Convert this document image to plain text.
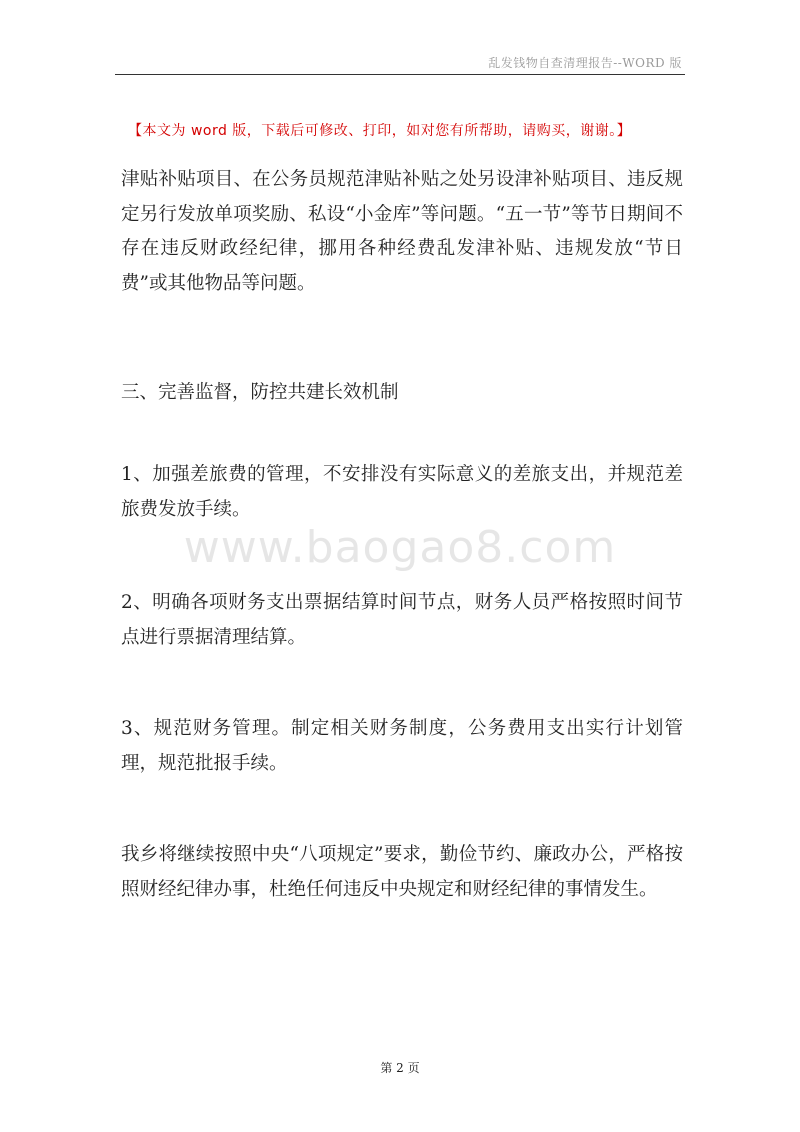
乱发钱物自查清理报告--WORD 版
【本文为 word 版，下载后可修改、打印，如对您有所帮助，请购买，谢谢。】

津贴补贴项目、在公务员规范津贴补贴之处另设津补贴项目、违反规定另行发放单项奖励、私设“小金库”等问题。“五一节”等节日期间不存在违反财政经纪律，挪用各种经费乱发津补贴、违规发放“节日费”或其他物品等问题。

三、完善监督，防控共建长效机制

1、加强差旅费的管理，不安排没有实际意义的差旅支出，并规范差旅费发放手续。

2、明确各项财务支出票据结算时间节点，财务人员严格按照时间节点进行票据清理结算。

3、规范财务管理。制定相关财务制度，公务费用支出实行计划管理，规范批报手续。

我乡将继续按照中央“八项规定”要求，勤俭节约、廉政办公，严格按照财经纪律办事，杜绝任何违反中央规定和财经纪律的事情发生。

www.baogao8.com
第 2 页
